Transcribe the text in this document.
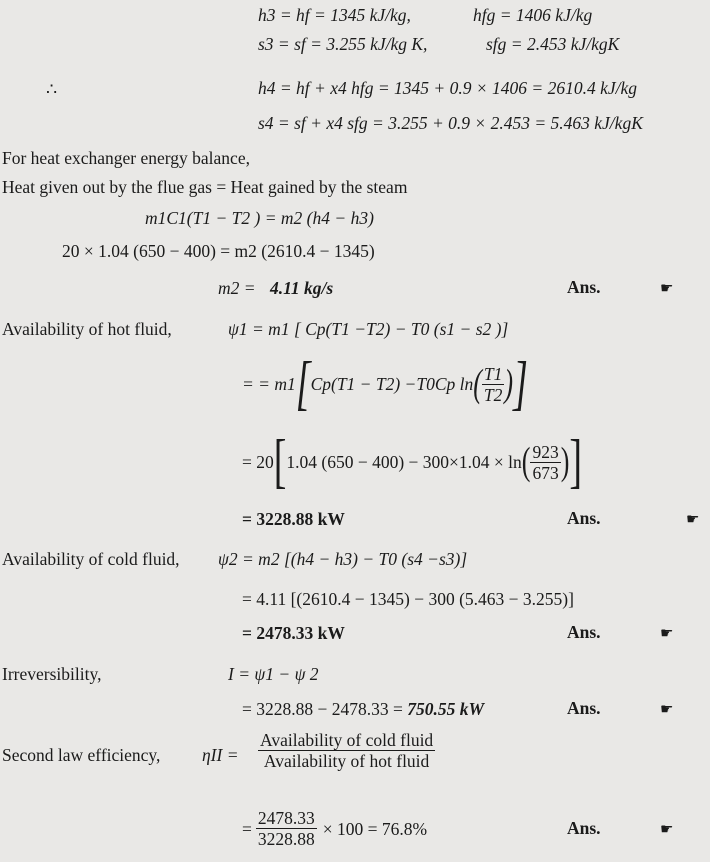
h3 = hf = 1345 kJ/kg,	hfg = 1406 kJ/kg
s3 = sf = 3.255 kJ/kg K,	sfg = 2.453 kJ/kgK
∴	h4 = hf + x4 hfg = 1345 + 0.9 × 1406 = 2610.4 kJ/kg
s4 = sf + x4 sfg = 3.255 + 0.9 × 2.453 = 5.463 kJ/kgK
For heat exchanger energy balance,
Heat given out by the flue gas = Heat gained by the steam
m1C1(T1 − T2 ) = m2 (h4 − h3)
20 × 1.04 (650 − 400) = m2 (2610.4 − 1345)
m2 = 4.11 kg/s	Ans.	☛
Availability of hot fluid,	ψ1 = m1 [ Cp(T1 −T2) − T0 (s1 − s2 )]
= = m1 [ Cp(T1 − T2) −T0Cp ln ( $\frac{T1}{T2}$ ) ]
= 20 [ 1.04 (650 − 400) − 300×1.04 × ln ( $\frac{923}{673}$ ) ]
= 3228.88 kW	Ans.	☛
Availability of cold fluid, ψ2 = m2 [(h4 − h3) − T0 (s4 −s3)]
= 4.11 [(2610.4 − 1345) − 300 (5.463 − 3.255)]
= 2478.33 kW	Ans.	☛
Irreversibility,	I = ψ1 − ψ 2
= 3228.88 − 2478.33 = 750.55 kW	Ans.	☛
Second law efficiency, $\eta II = \frac{\text{Availability of cold fluid}}{\text{Availability of hot fluid}}$
= $\frac{2478.33}{3228.88} \times 100 = 76.8\%$	Ans.	☛
